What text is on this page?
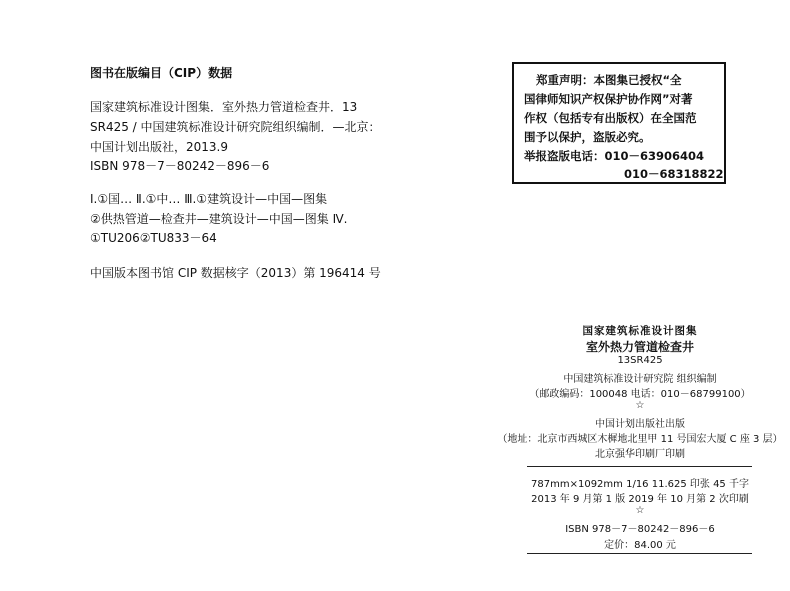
图书在版编目（CIP）数据
国家建筑标准设计图集．室外热力管道检查井．13
SR425 / 中国建筑标准设计研究院组织编制．—北京：
中国计划出版社，2013.9
ISBN 978－7－80242－896－6
Ⅰ.①国… Ⅱ.①中… Ⅲ.①建筑设计—中国—图集
②供热管道—检查井—建筑设计—中国—图集 Ⅳ.
①TU206②TU833－64
中国版本图书馆 CIP 数据核字（2013）第 196414 号
郑重声明：本图集已授权“全
国律师知识产权保护协作网”对著
作权（包括专有出版权）在全国范
围予以保护，盗版必究。
举报盗版电话：010－63906404
010－68318822
国家建筑标准设计图集
室外热力管道检查井
13SR425
中国建筑标准设计研究院 组织编制
（邮政编码：100048 电话：010－68799100）
☆
中国计划出版社出版
（地址：北京市西城区木樨地北里甲 11 号国宏大厦 C 座 3 层）
北京强华印刷厂印刷
787mm×1092mm 1/16 11.625 印张 45 千字
2013 年 9 月第 1 版 2019 年 10 月第 2 次印刷
☆
ISBN 978－7－80242－896－6
定价：84.00 元
